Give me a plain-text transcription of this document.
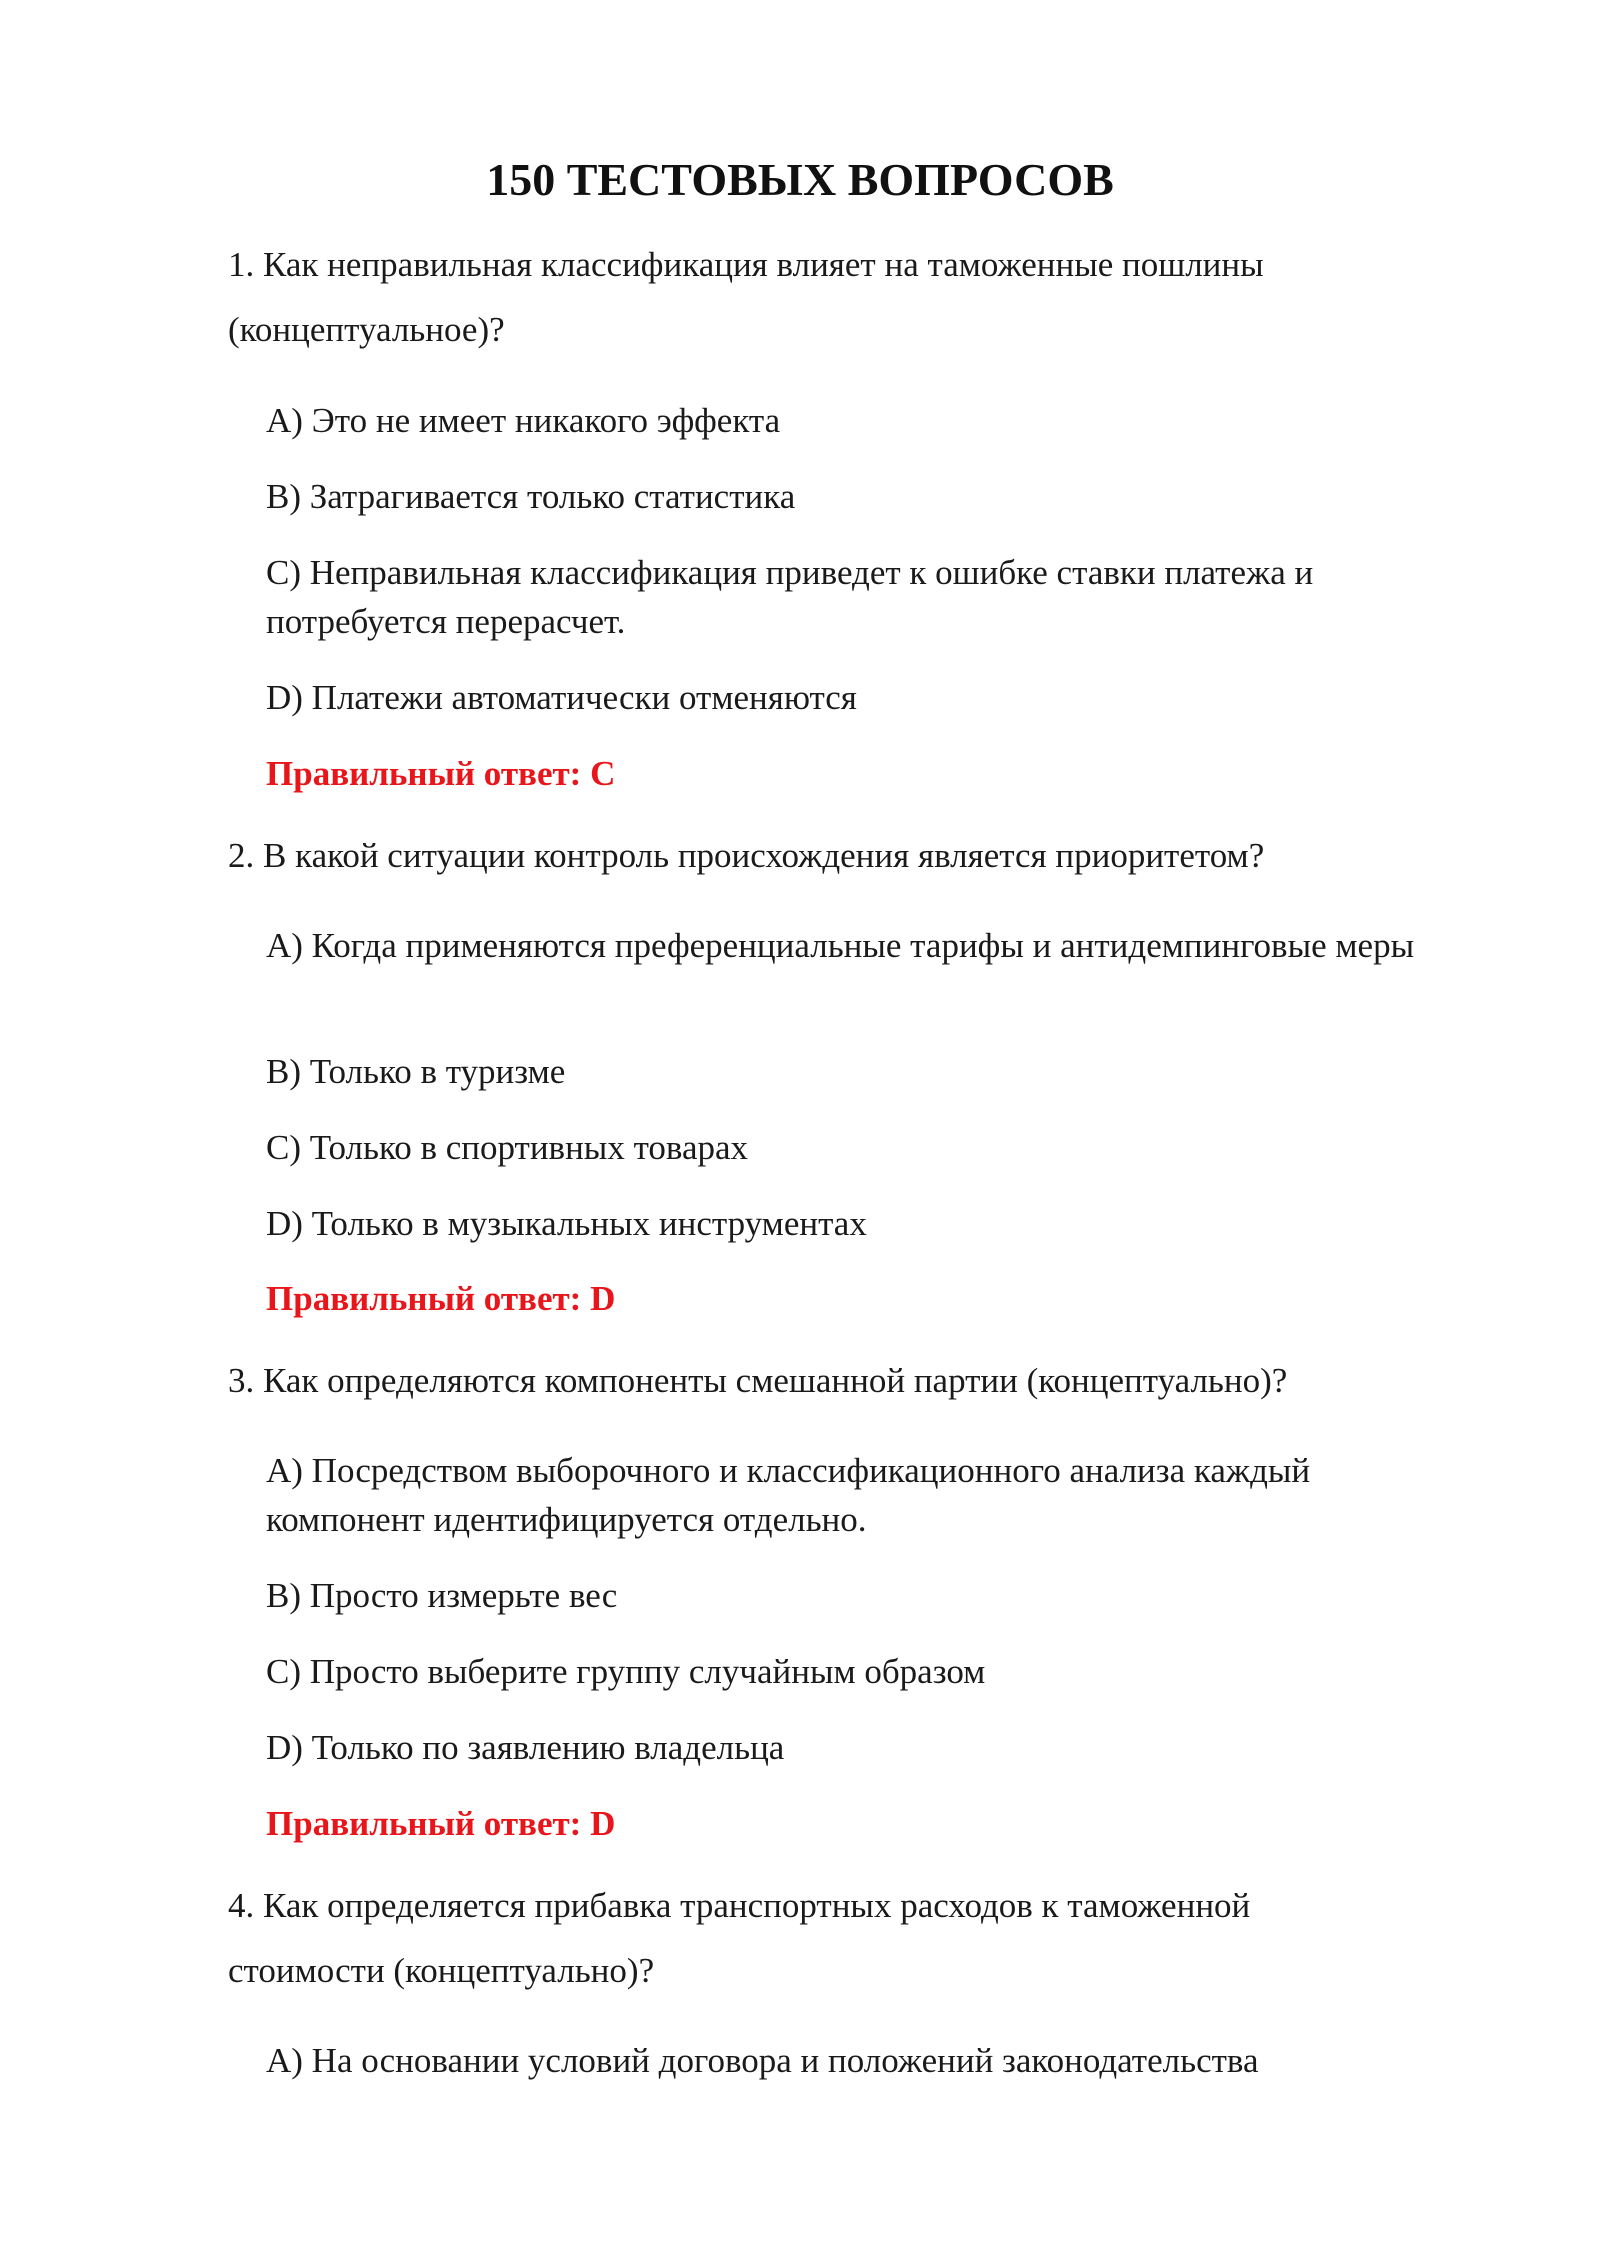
150 ТЕСТОВЫХ ВОПРОСОВ
1. Как неправильная классификация влияет на таможенные пошлины (концептуальное)?
A) Это не имеет никакого эффекта
B) Затрагивается только статистика
C) Неправильная классификация приведет к ошибке ставки платежа и потребуется перерасчет.
D) Платежи автоматически отменяются
Правильный ответ: C
2. В какой ситуации контроль происхождения является приоритетом?
A) Когда применяются преференциальные тарифы и антидемпинговые меры
B) Только в туризме
C) Только в спортивных товарах
D) Только в музыкальных инструментах
Правильный ответ: D
3. Как определяются компоненты смешанной партии (концептуально)?
A) Посредством выборочного и классификационного анализа каждый компонент идентифицируется отдельно.
B) Просто измерьте вес
C) Просто выберите группу случайным образом
D) Только по заявлению владельца
Правильный ответ: D
4. Как определяется прибавка транспортных расходов к таможенной стоимости (концептуально)?
A) На основании условий договора и положений законодательства
